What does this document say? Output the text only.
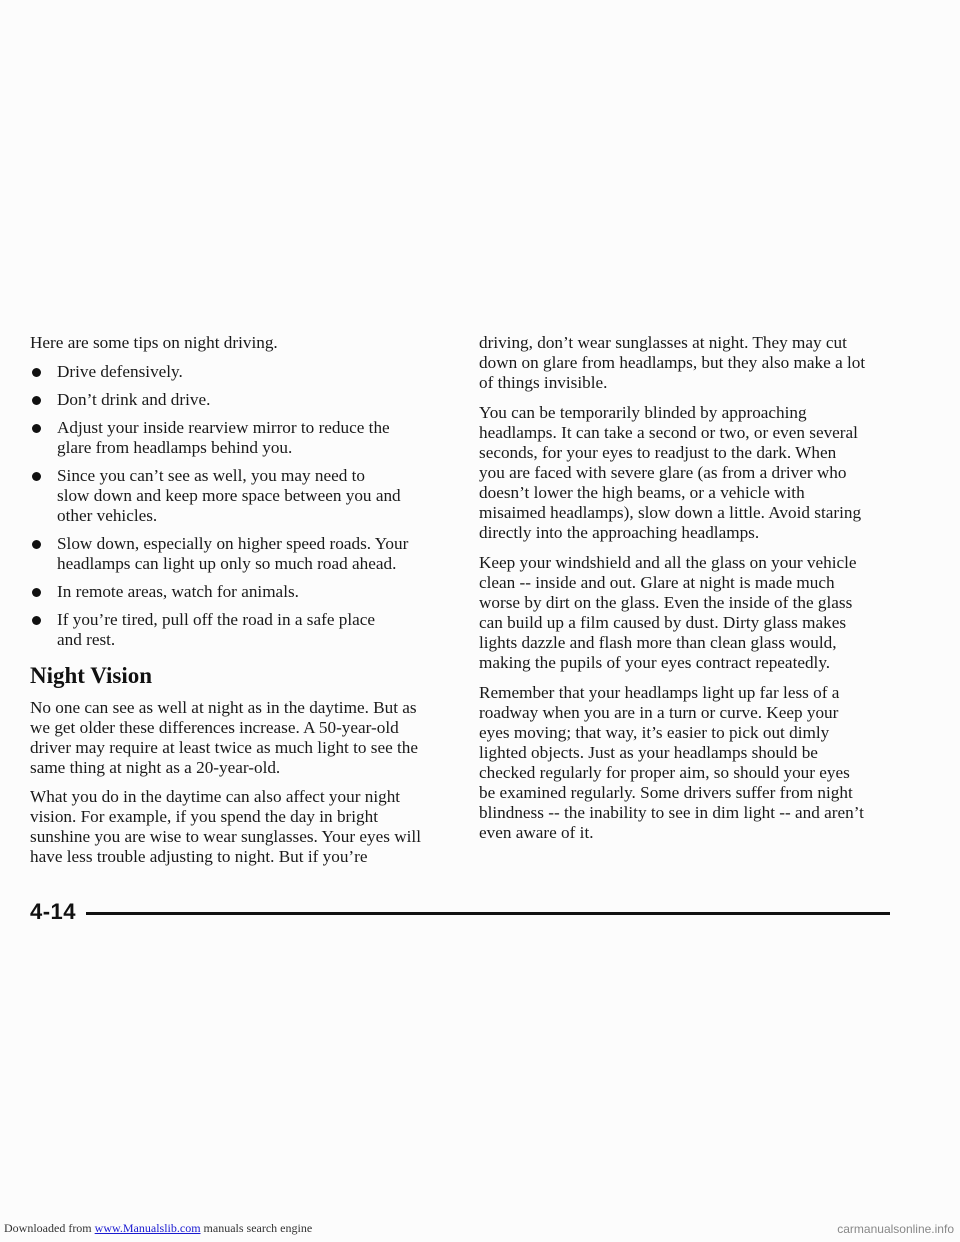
Here are some tips on night driving.

Drive defensively.
Don’t drink and drive.
Adjust your inside rearview mirror to reduce the
glare from headlamps behind you.
Since you can’t see as well, you may need to
slow down and keep more space between you and
other vehicles.
Slow down, especially on higher speed roads. Your
headlamps can light up only so much road ahead.
In remote areas, watch for animals.
If you’re tired, pull off the road in a safe place
and rest.
Night Vision

No one can see as well at night as in the daytime. But as
we get older these differences increase. A 50-year-old
driver may require at least twice as much light to see the
same thing at night as a 20-year-old.

What you do in the daytime can also affect your night
vision. For example, if you spend the day in bright
sunshine you are wise to wear sunglasses. Your eyes will
have less trouble adjusting to night. But if you’re

driving, don’t wear sunglasses at night. They may cut
down on glare from headlamps, but they also make a lot
of things invisible.

You can be temporarily blinded by approaching
headlamps. It can take a second or two, or even several
seconds, for your eyes to readjust to the dark. When
you are faced with severe glare (as from a driver who
doesn’t lower the high beams, or a vehicle with
misaimed headlamps), slow down a little. Avoid staring
directly into the approaching headlamps.

Keep your windshield and all the glass on your vehicle
clean -- inside and out. Glare at night is made much
worse by dirt on the glass. Even the inside of the glass
can build up a film caused by dust. Dirty glass makes
lights dazzle and flash more than clean glass would,
making the pupils of your eyes contract repeatedly.

Remember that your headlamps light up far less of a
roadway when you are in a turn or curve. Keep your
eyes moving; that way, it’s easier to pick out dimly
lighted objects. Just as your headlamps should be
checked regularly for proper aim, so should your eyes
be examined regularly. Some drivers suffer from night
blindness -- the inability to see in dim light -- and aren’t
even aware of it.

4-14
Downloaded from www.Manualslib.com manuals search engine	carmanualsonline.info
